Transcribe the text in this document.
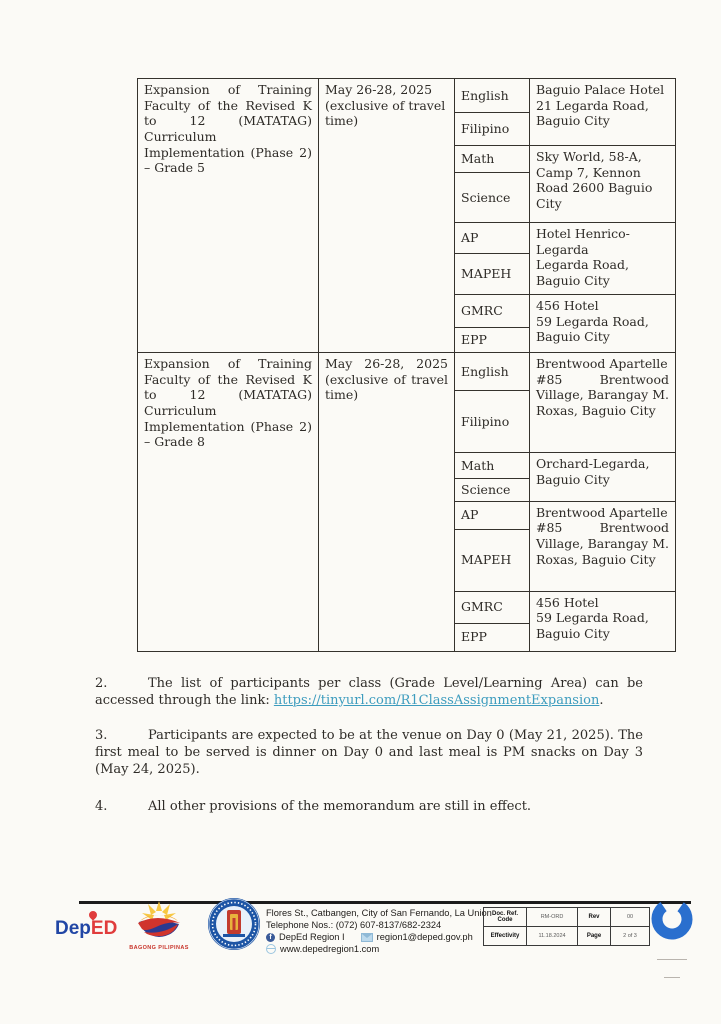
Expansion of Training Faculty of the Revised K to 12 (MATATAG) Curriculum Implementation (Phase 2) – Grade 5	May 26-28, 2025 (exclusive of travel time)	English	Baguio Palace Hotel
21 Legarda Road, Baguio City

		Filipino	
		Math	Sky World, 58-A, Camp 7, Kennon Road 2600 Baguio City

		Science	
		AP	Hotel Henrico-Legarda
Legarda Road, Baguio City

		MAPEH	
		GMRC	456 Hotel
59 Legarda Road, Baguio City

		EPP	
Expansion of Training Faculty of the Revised K to 12 (MATATAG) Curriculum Implementation (Phase 2) – Grade 8	May 26-28, 2025 (exclusive of travel time)	English	Brentwood Apartelle
#85 Brentwood Village, Barangay M. Roxas, Baguio City

		Filipino	
		Math	Orchard-Legarda, Baguio City

		Science	
		AP	Brentwood Apartelle
#85 Brentwood Village, Barangay M. Roxas, Baguio City

		MAPEH	
		GMRC	456 Hotel
59 Legarda Road, Baguio City

		EPP	

2.	The list of participants per class (Grade Level/Learning Area) can be accessed through the link: https://tinyurl.com/R1ClassAssignmentExpansion.

3.	Participants are expected to be at the venue on Day 0 (May 21, 2025). The first meal to be served is dinner on Day 0 and last meal is PM snacks on Day 3 (May 24, 2025).

4.	All other provisions of the memorandum are still in effect.

DepED
BAGONG PILIPINAS
Flores St., Catbangen, City of San Fernando, La Union
Telephone Nos.: (072) 607-8137/682-2324
f DepEd Region I	region1@deped.gov.ph
www.depedregion1.com
Doc. Ref. Code	RM-ORD	Rev	00
Effectivity	11.18.2024	Page	2 of 3
